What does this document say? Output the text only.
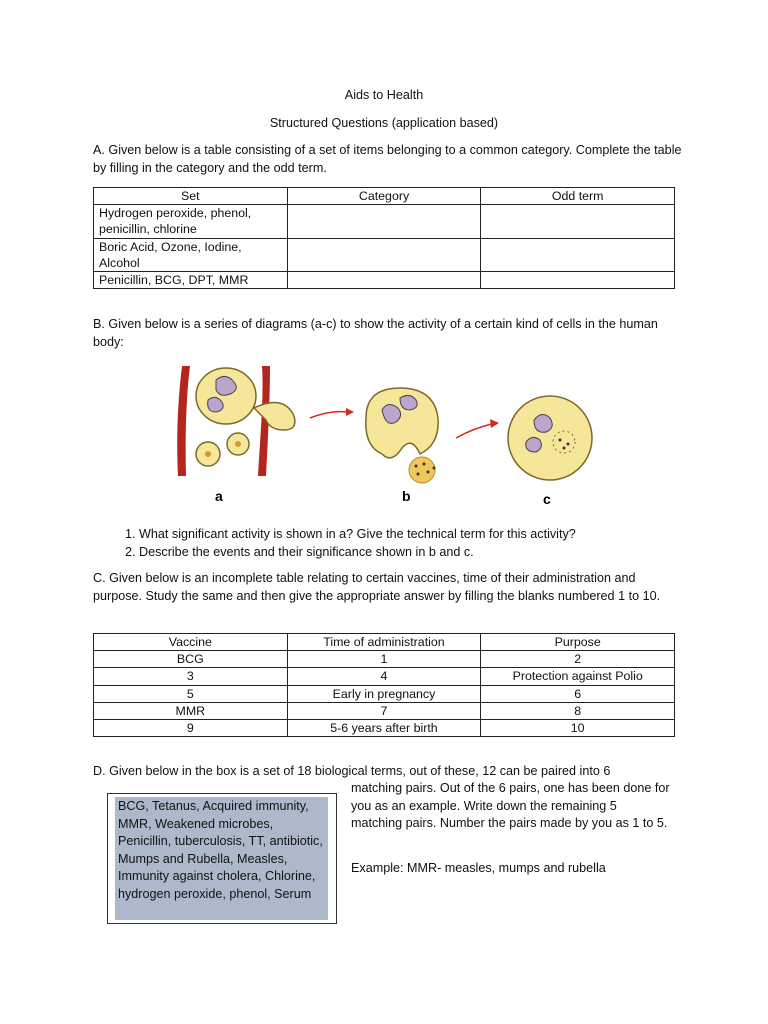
Aids to Health
Structured Questions (application based)
A. Given below is a table consisting of a set of items belonging to a common category. Complete the table by filling in the category and the odd term.
Set	Category	Odd term
Hydrogen peroxide, phenol, penicillin, chlorine		
Boric Acid, Ozone, Iodine, Alcohol		
Penicillin, BCG, DPT, MMR		
B. Given below is a series of diagrams (a-c) to show the activity of a certain kind of cells in the human body:
a	b	c
1. What significant activity is shown in a? Give the technical term for this activity?
2. Describe the events and their significance shown in b and c.
C. Given below is an incomplete table relating to certain vaccines, time of their administration and purpose. Study the same and then give the appropriate answer by filling the blanks numbered 1 to 10.
Vaccine	Time of administration	Purpose
BCG	1	2
3	4	Protection against Polio
5	Early in pregnancy	6
MMR	7	8
9	5-6 years after birth	10
D. Given below in the box is a set of 18 biological terms, out of these, 12 can be paired into 6
BCG, Tetanus, Acquired immunity, MMR, Weakened microbes, Penicillin, tuberculosis, TT, antibiotic, Mumps and Rubella, Measles, Immunity against cholera, Chlorine, hydrogen peroxide, phenol, Serum
matching pairs. Out of the 6 pairs, one has been done for you as an example. Write down the remaining 5 matching pairs. Number the pairs made by you as 1 to 5.
Example: MMR- measles, mumps and rubella
